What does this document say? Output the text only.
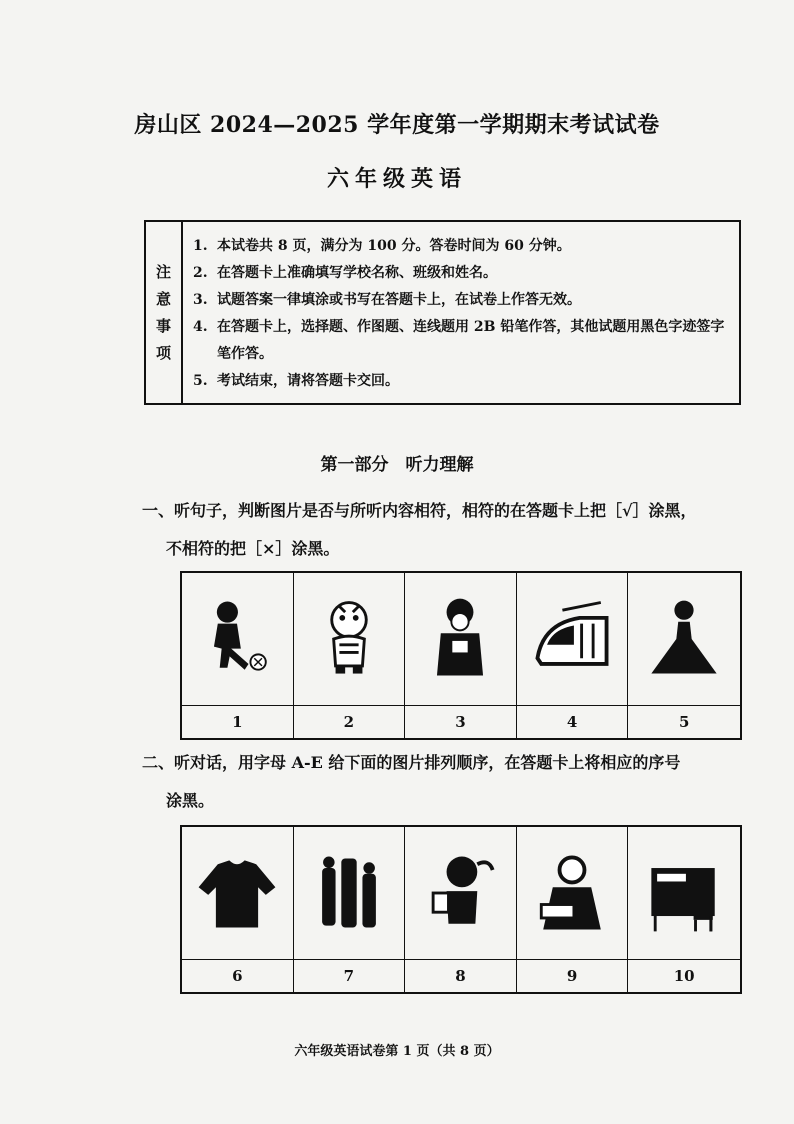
房山区 2024—2025 学年度第一学期期末考试试卷
六年级英语
注
意
事
项
1. 本试卷共 8 页，满分为 100 分。答卷时间为 60 分钟。
2. 在答题卡上准确填写学校名称、班级和姓名。
3. 试题答案一律填涂或书写在答题卡上，在试卷上作答无效。
4. 在答题卡上，选择题、作图题、连线题用 2B 铅笔作答，其他试题用黑色字迹签字笔作答。
5. 考试结束，请将答题卡交回。
第一部分　听力理解
一、听句子，判断图片是否与所听内容相符，相符的在答题卡上把［√］涂黑，
不相符的把［×］涂黑。
1	2	3	4	5
二、听对话，用字母 A-E 给下面的图片排列顺序，在答题卡上将相应的序号
涂黑。
6	7	8	9	10
六年级英语试卷第 1 页（共 8 页）
